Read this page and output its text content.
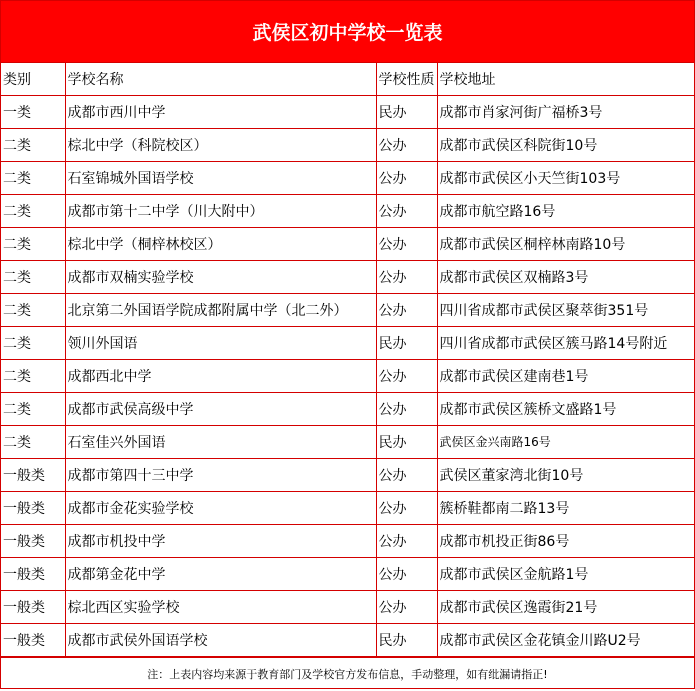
武侯区初中学校一览表
类别	学校名称	学校性质	学校地址
一类	成都市西川中学	民办	成都市肖家河街广福桥3号
二类	棕北中学（科院校区）	公办	成都市武侯区科院街10号
二类	石室锦城外国语学校	公办	成都市武侯区小天竺街103号
二类	成都市第十二中学（川大附中）	公办	成都市航空路16号
二类	棕北中学（桐梓林校区）	公办	成都市武侯区桐梓林南路10号
二类	成都市双楠实验学校	公办	成都市武侯区双楠路3号
二类	北京第二外国语学院成都附属中学（北二外）	公办	四川省成都市武侯区聚萃街351号
二类	领川外国语	民办	四川省成都市武侯区簇马路14号附近
二类	成都西北中学	公办	成都市武侯区建南巷1号
二类	成都市武侯高级中学	公办	成都市武侯区簇桥文盛路1号
二类	石室佳兴外国语	民办	武侯区金兴南路16号
一般类	成都市第四十三中学	公办	武侯区董家湾北街10号
一般类	成都市金花实验学校	公办	簇桥鞋都南二路13号
一般类	成都市机投中学	公办	成都市机投正街86号
一般类	成都第金花中学	公办	成都市武侯区金航路1号
一般类	棕北西区实验学校	公办	成都市武侯区逸霞街21号
一般类	成都市武侯外国语学校	民办	成都市武侯区金花镇金川路U2号
注：上表内容均来源于教育部门及学校官方发布信息，手动整理，如有纰漏请指正!
